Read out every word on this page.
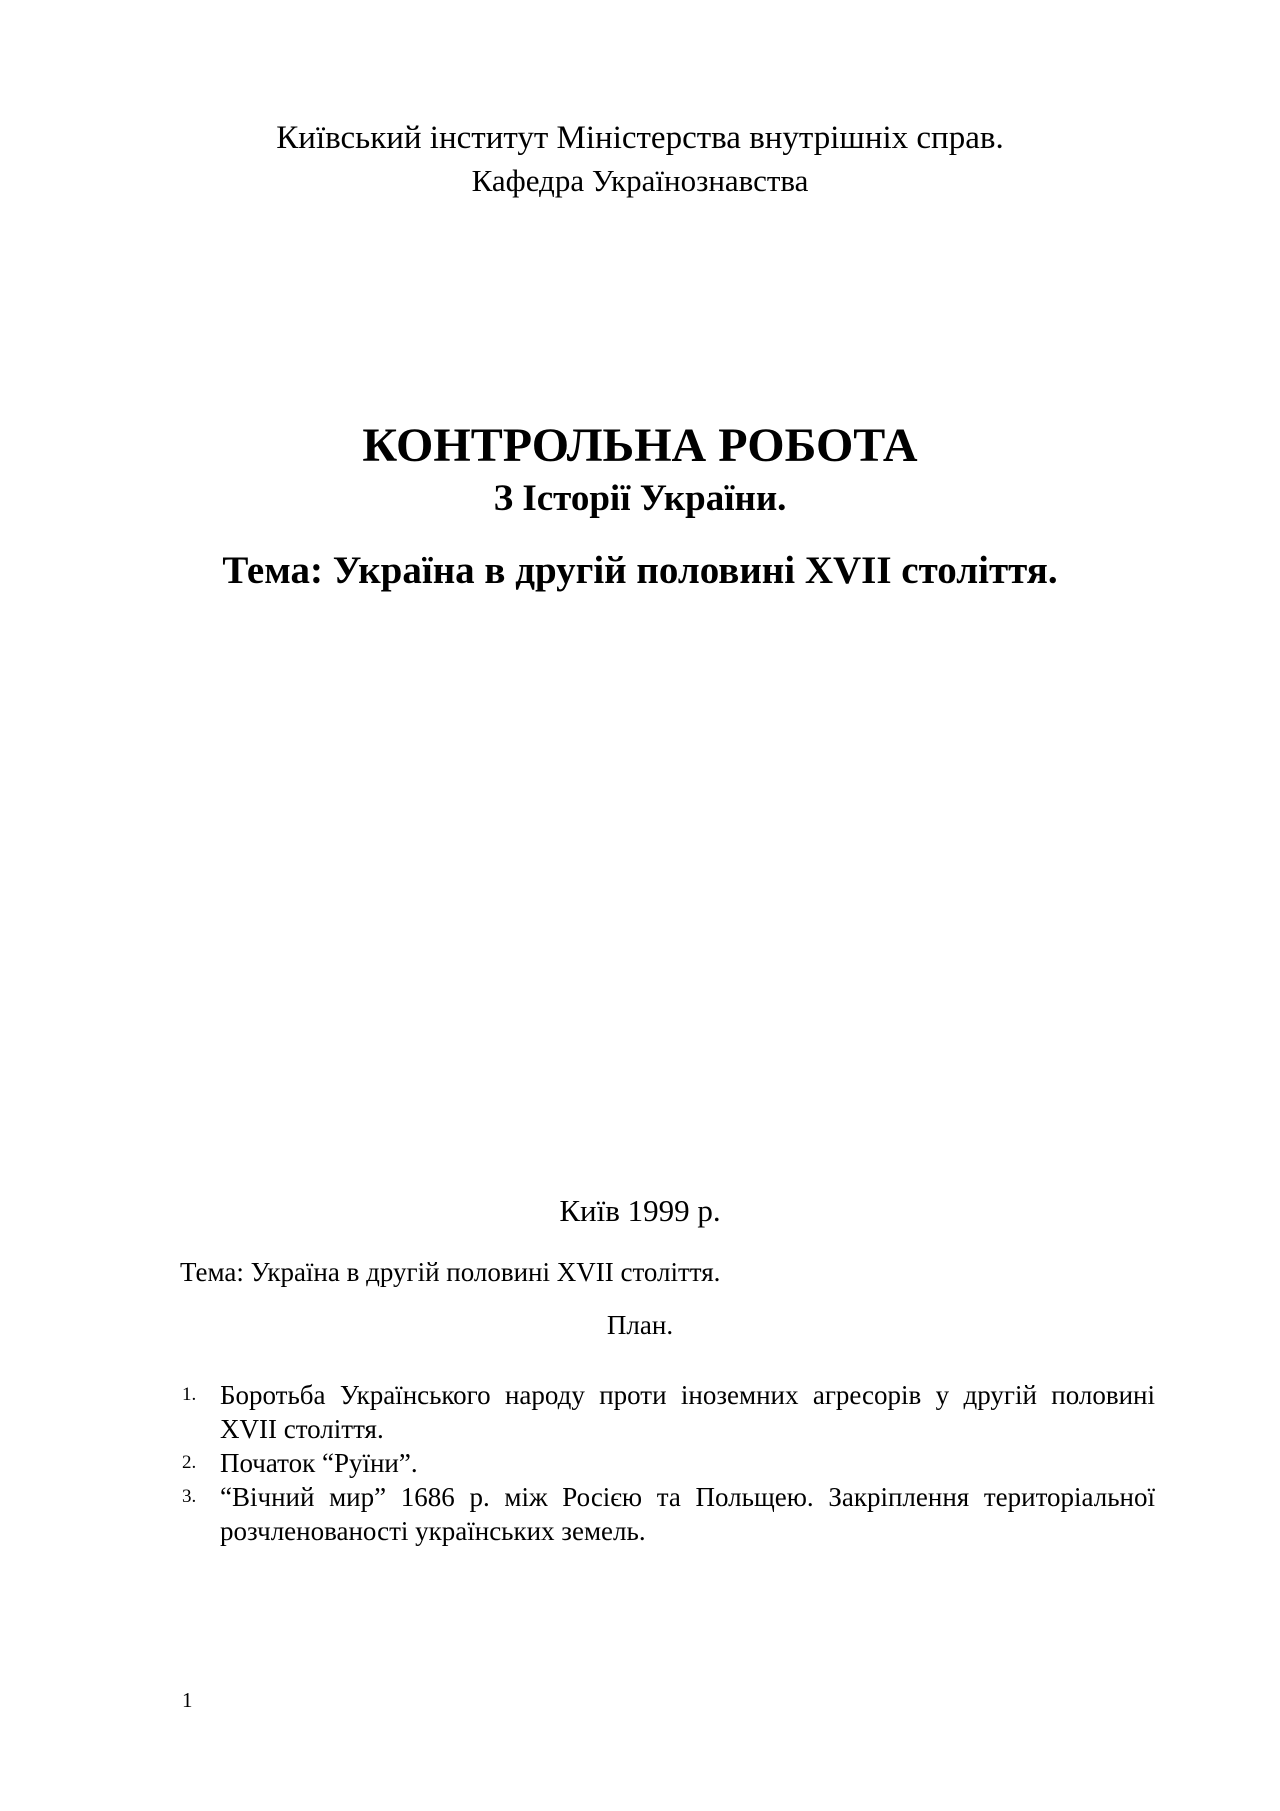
Київський інститут Міністерства внутрішніх справ.
Кафедра Українознавства
КОНТРОЛЬНА РОБОТА
З Історії України.
Тема: Україна в другій половині XVII століття.
Київ 1999 р.
Тема: Україна в другій половині XVII століття.
План.
1. Боротьба Українського народу проти іноземних агресорів у другій половині XVII століття.
2. Початок “Руїни”.
3. “Вічний мир” 1686 р. між Росією та Польщею. Закріплення територіальної розчленованості українських земель.
1
